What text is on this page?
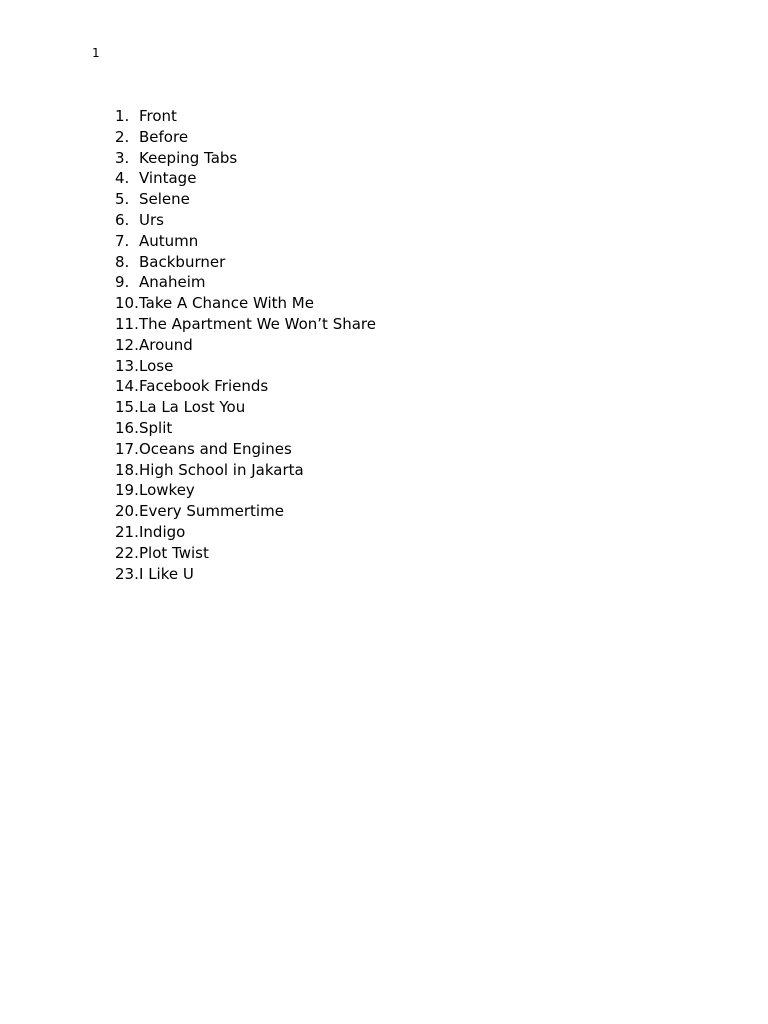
1
1. Front
2. Before
3. Keeping Tabs
4. Vintage
5. Selene
6. Urs
7. Autumn
8. Backburner
9. Anaheim
10. Take A Chance With Me
11. The Apartment We Won’t Share
12. Around
13. Lose
14. Facebook Friends
15. La La Lost You
16. Split
17. Oceans and Engines
18. High School in Jakarta
19. Lowkey
20. Every Summertime
21. Indigo
22. Plot Twist
23. I Like U
